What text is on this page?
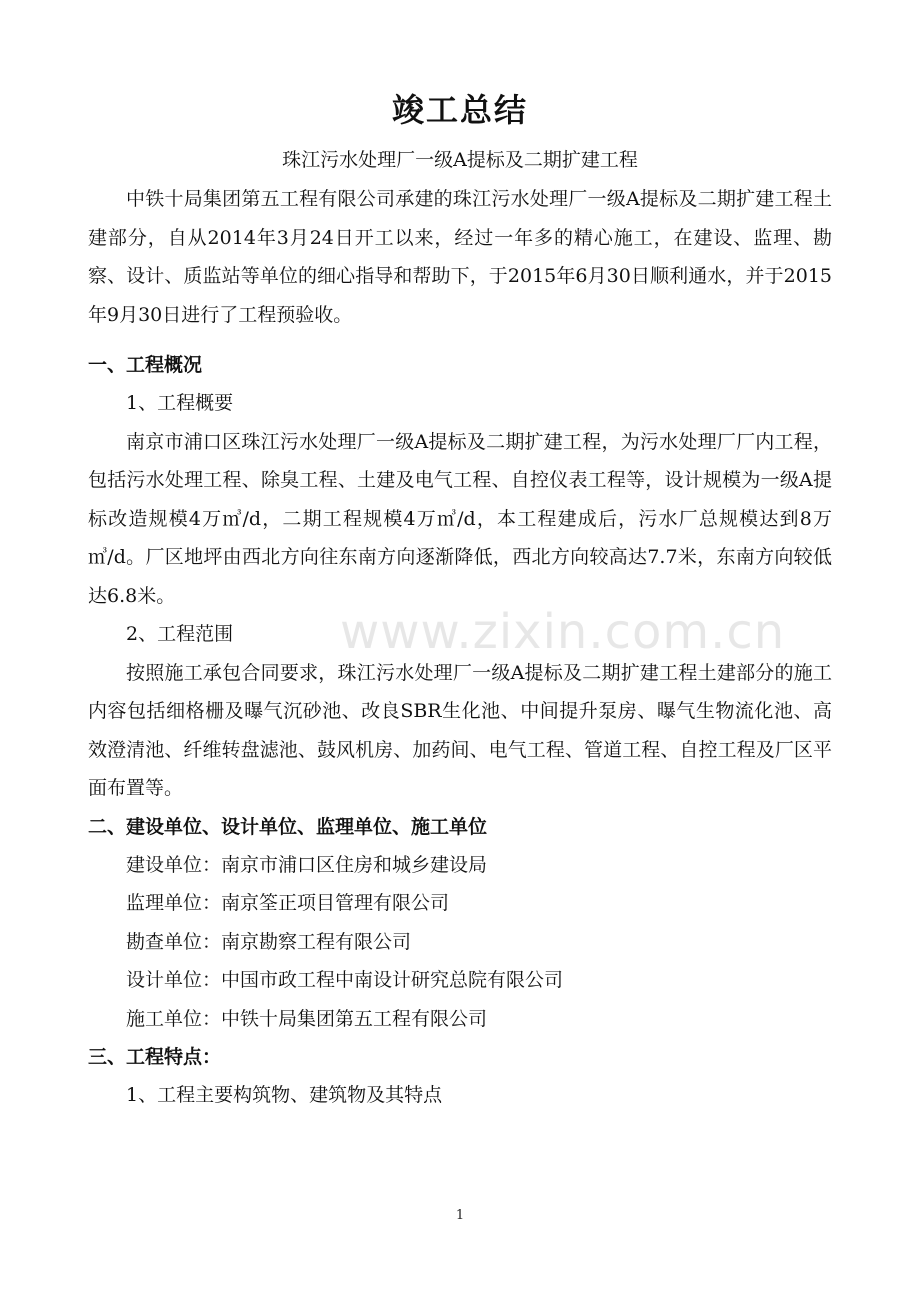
竣工总结

珠江污水处理厂一级A提标及二期扩建工程

中铁十局集团第五工程有限公司承建的珠江污水处理厂一级A提标及二期扩建工程土建部分，自从2014年3月24日开工以来，经过一年多的精心施工，在建设、监理、勘察、设计、质监站等单位的细心指导和帮助下，于2015年6月30日顺利通水，并于2015年9月30日进行了工程预验收。

一、工程概况

1、工程概要

南京市浦口区珠江污水处理厂一级A提标及二期扩建工程，为污水处理厂厂内工程，包括污水处理工程、除臭工程、土建及电气工程、自控仪表工程等，设计规模为一级A提标改造规模4万㎥/d，二期工程规模4万㎥/d，本工程建成后，污水厂总规模达到8万㎥/d。厂区地坪由西北方向往东南方向逐渐降低，西北方向较高达7.7米，东南方向较低达6.8米。

2、工程范围

按照施工承包合同要求，珠江污水处理厂一级A提标及二期扩建工程土建部分的施工内容包括细格栅及曝气沉砂池、改良SBR生化池、中间提升泵房、曝气生物流化池、高效澄清池、纤维转盘滤池、鼓风机房、加药间、电气工程、管道工程、自控工程及厂区平面布置等。

二、建设单位、设计单位、监理单位、施工单位

建设单位：南京市浦口区住房和城乡建设局

监理单位：南京筌正项目管理有限公司

勘查单位：南京勘察工程有限公司

设计单位：中国市政工程中南设计研究总院有限公司

施工单位：中铁十局集团第五工程有限公司

三、工程特点：

1、工程主要构筑物、建筑物及其特点

www.zixin.com.cn
1
